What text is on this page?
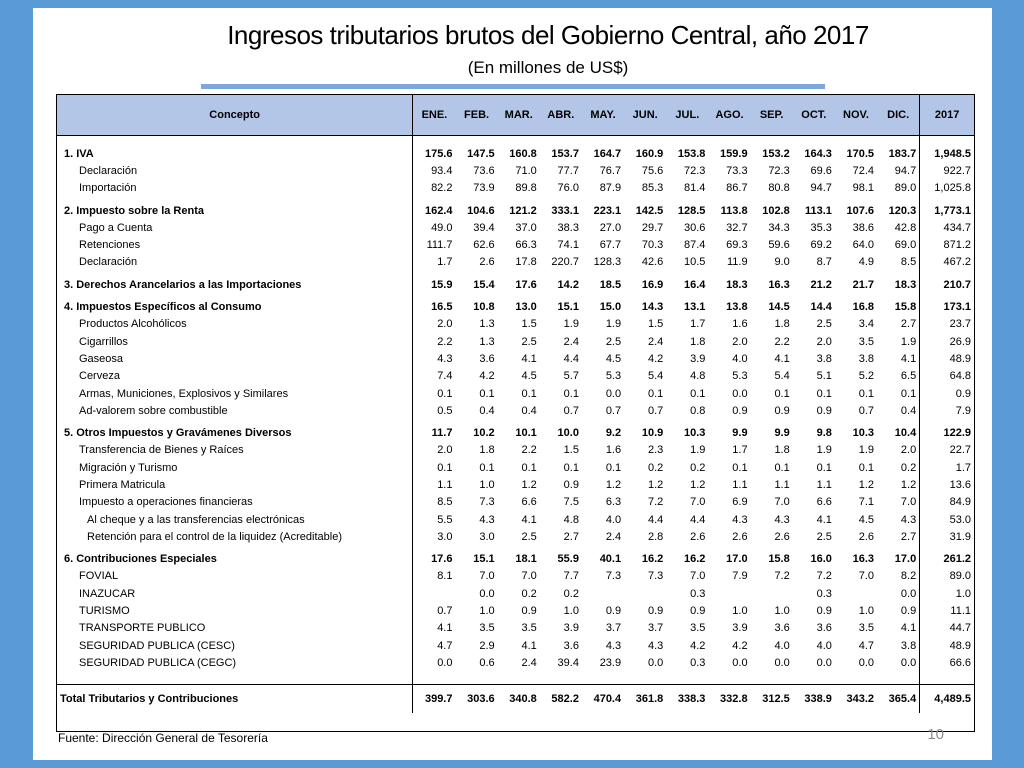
Ingresos tributarios brutos del Gobierno Central, año 2017
(En millones de US$)
Concepto	ENE.	FEB.	MAR.	ABR.	MAY.	JUN.	JUL.	AGO.	SEP.	OCT.	NOV.	DIC.	2017

1. IVA	175.6	147.5	160.8	153.7	164.7	160.9	153.8	159.9	153.2	164.3	170.5	183.7	1,948.5
Declaración	93.4	73.6	71.0	77.7	76.7	75.6	72.3	73.3	72.3	69.6	72.4	94.7	922.7
Importación	82.2	73.9	89.8	76.0	87.9	85.3	81.4	86.7	80.8	94.7	98.1	89.0	1,025.8

2. Impuesto sobre la Renta	162.4	104.6	121.2	333.1	223.1	142.5	128.5	113.8	102.8	113.1	107.6	120.3	1,773.1
Pago a Cuenta	49.0	39.4	37.0	38.3	27.0	29.7	30.6	32.7	34.3	35.3	38.6	42.8	434.7
Retenciones	111.7	62.6	66.3	74.1	67.7	70.3	87.4	69.3	59.6	69.2	64.0	69.0	871.2
Declaración	1.7	2.6	17.8	220.7	128.3	42.6	10.5	11.9	9.0	8.7	4.9	8.5	467.2

3. Derechos Arancelarios a las Importaciones	15.9	15.4	17.6	14.2	18.5	16.9	16.4	18.3	16.3	21.2	21.7	18.3	210.7

4. Impuestos Específicos al Consumo	16.5	10.8	13.0	15.1	15.0	14.3	13.1	13.8	14.5	14.4	16.8	15.8	173.1
Productos Alcohólicos	2.0	1.3	1.5	1.9	1.9	1.5	1.7	1.6	1.8	2.5	3.4	2.7	23.7
Cigarrillos	2.2	1.3	2.5	2.4	2.5	2.4	1.8	2.0	2.2	2.0	3.5	1.9	26.9
Gaseosa	4.3	3.6	4.1	4.4	4.5	4.2	3.9	4.0	4.1	3.8	3.8	4.1	48.9
Cerveza	7.4	4.2	4.5	5.7	5.3	5.4	4.8	5.3	5.4	5.1	5.2	6.5	64.8
Armas, Municiones, Explosivos y Similares	0.1	0.1	0.1	0.1	0.0	0.1	0.1	0.0	0.1	0.1	0.1	0.1	0.9
Ad-valorem sobre combustible	0.5	0.4	0.4	0.7	0.7	0.7	0.8	0.9	0.9	0.9	0.7	0.4	7.9

5. Otros Impuestos y Gravámenes Diversos	11.7	10.2	10.1	10.0	9.2	10.9	10.3	9.9	9.9	9.8	10.3	10.4	122.9
Transferencia de Bienes y Raíces	2.0	1.8	2.2	1.5	1.6	2.3	1.9	1.7	1.8	1.9	1.9	2.0	22.7
Migración y Turismo	0.1	0.1	0.1	0.1	0.1	0.2	0.2	0.1	0.1	0.1	0.1	0.2	1.7
Primera Matricula	1.1	1.0	1.2	0.9	1.2	1.2	1.2	1.1	1.1	1.1	1.2	1.2	13.6
Impuesto a operaciones financieras	8.5	7.3	6.6	7.5	6.3	7.2	7.0	6.9	7.0	6.6	7.1	7.0	84.9
Al cheque y a las transferencias electrónicas	5.5	4.3	4.1	4.8	4.0	4.4	4.4	4.3	4.3	4.1	4.5	4.3	53.0
Retención para el control de la liquidez (Acreditable)	3.0	3.0	2.5	2.7	2.4	2.8	2.6	2.6	2.6	2.5	2.6	2.7	31.9

6. Contribuciones Especiales	17.6	15.1	18.1	55.9	40.1	16.2	16.2	17.0	15.8	16.0	16.3	17.0	261.2
FOVIAL	8.1	7.0	7.0	7.7	7.3	7.3	7.0	7.9	7.2	7.2	7.0	8.2	89.0
INAZUCAR		0.0	0.2	0.2			0.3			0.3		0.0	1.0
TURISMO	0.7	1.0	0.9	1.0	0.9	0.9	0.9	1.0	1.0	0.9	1.0	0.9	11.1
TRANSPORTE PUBLICO	4.1	3.5	3.5	3.9	3.7	3.7	3.5	3.9	3.6	3.6	3.5	4.1	44.7
SEGURIDAD PUBLICA (CESC)	4.7	2.9	4.1	3.6	4.3	4.3	4.2	4.2	4.0	4.0	4.7	3.8	48.9
SEGURIDAD PUBLICA (CEGC)	0.0	0.6	2.4	39.4	23.9	0.0	0.3	0.0	0.0	0.0	0.0	0.0	66.6

Total Tributarios y Contribuciones	399.7	303.6	340.8	582.2	470.4	361.8	338.3	332.8	312.5	338.9	343.2	365.4	4,489.5
Fuente: Dirección General de Tesorería	10
